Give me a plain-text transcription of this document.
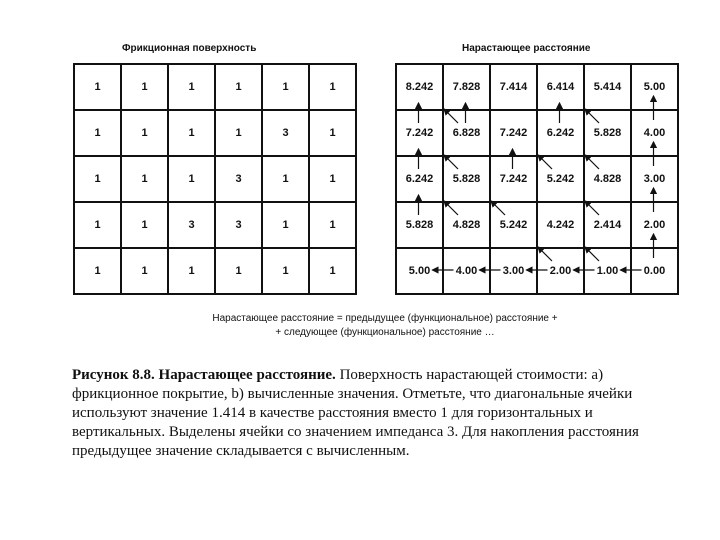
Фрикционная поверхность
1	1	1	1	1	1
1	1	1	1	3	1
1	1	1	3	1	1
1	1	3	3	1	1
1	1	1	1	1	1
Нарастающее расстояние
8.242	7.828	7.414	6.414	5.414	5.00
7.242	6.828	7.242	6.242	5.828	4.00
6.242	5.828	7.242	5.242	4.828	3.00
5.828	4.828	5.242	4.242	2.414	2.00
5.00	4.00	3.00	2.00	1.00	0.00
Нарастающее расстояние = предыдущее (функциональное) расстояние +
+ следующее (функциональное) расстояние …
Рисунок 8.8. Нарастающее расстояние. Поверхность нарастающей стоимости: а) фрикционное покрытие, b) вычисленные значения. Отметьте, что диагональные ячейки используют значение 1.414 в качестве расстояния вместо 1 для горизонтальных и вертикальных. Выделены ячейки со значением импеданса 3. Для накопления расстояния предыдущее значение складывается с вычисленным.
